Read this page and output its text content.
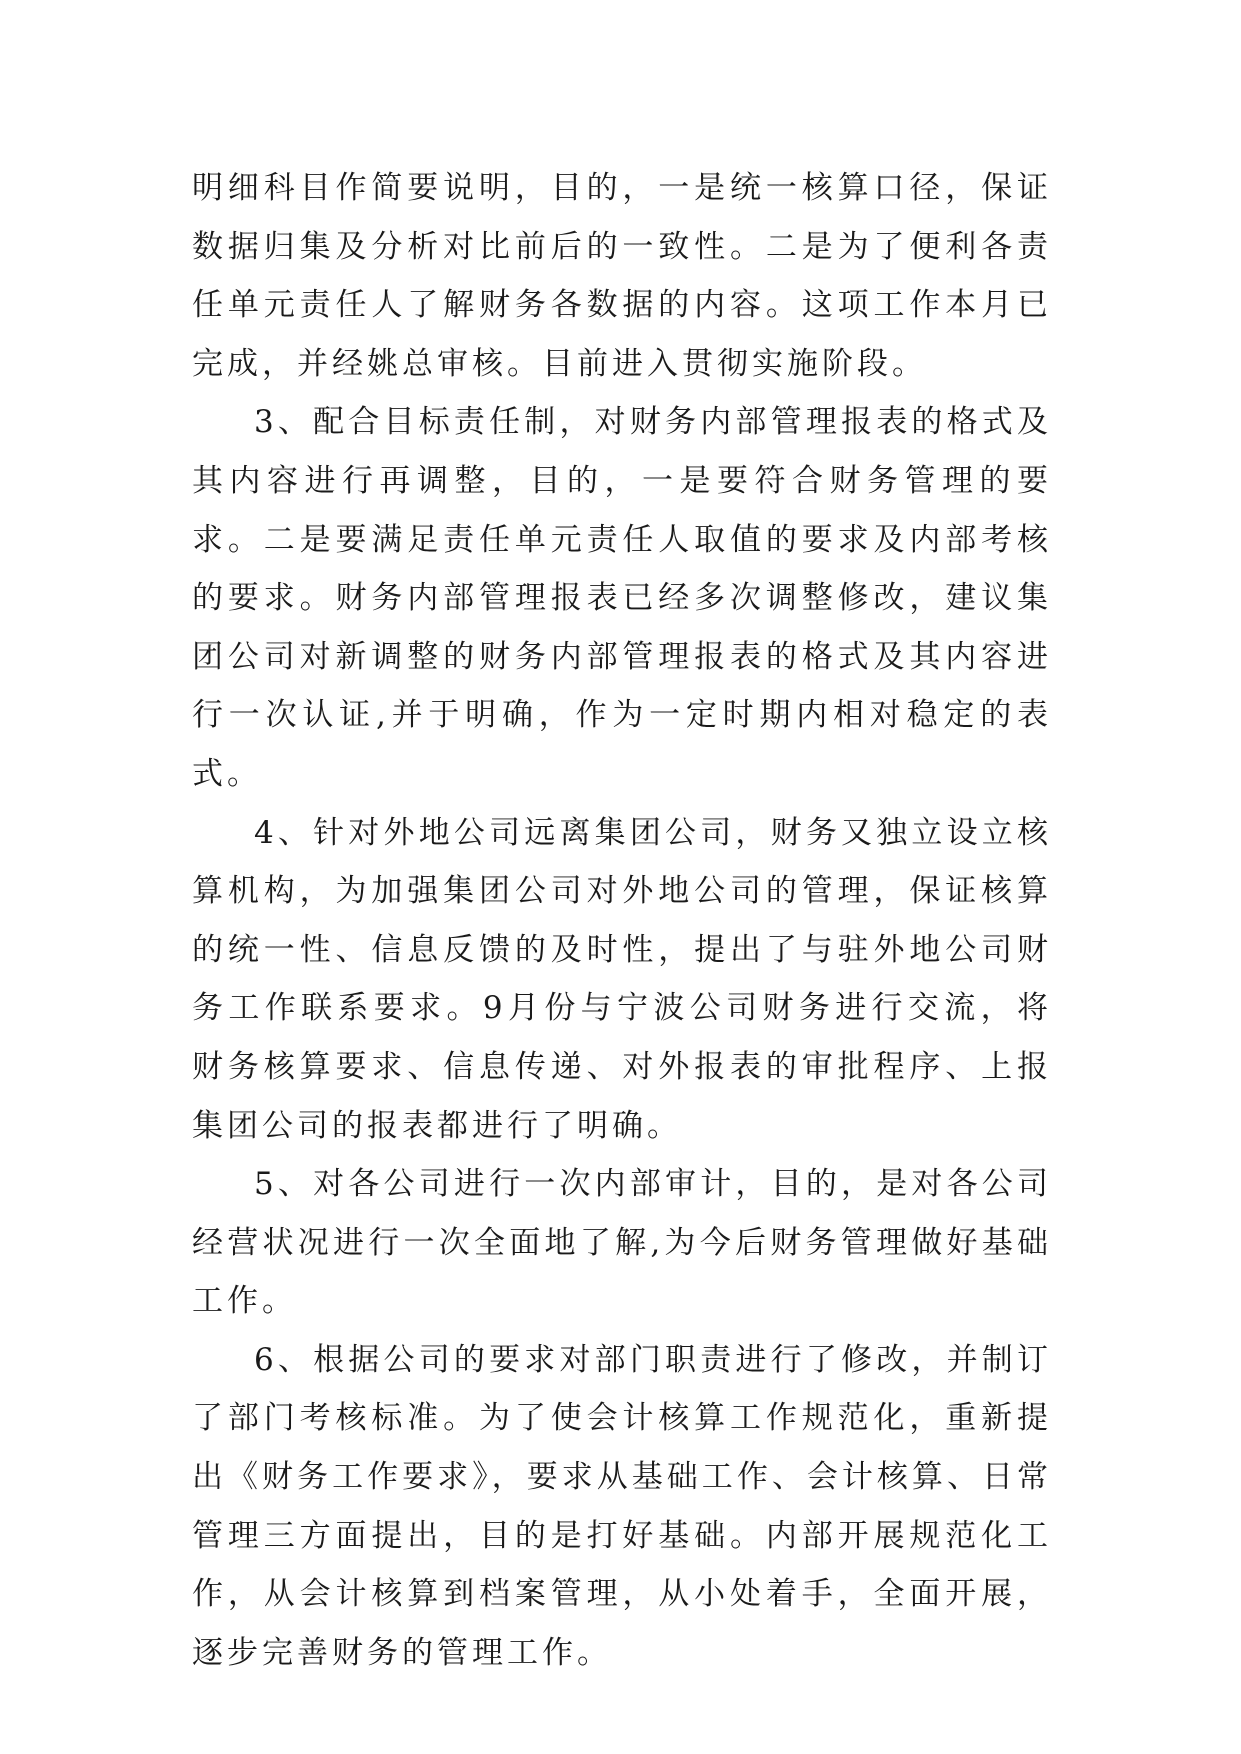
明细科目作简要说明，目的，一是统一核算口径，保证数据归集及分析对比前后的一致性。二是为了便利各责任单元责任人了解财务各数据的内容。这项工作本月已完成，并经姚总审核。目前进入贯彻实施阶段。

3、配合目标责任制，对财务内部管理报表的格式及其内容进行再调整，目的，一是要符合财务管理的要求。二是要满足责任单元责任人取值的要求及内部考核的要求。财务内部管理报表已经多次调整修改，建议集团公司对新调整的财务内部管理报表的格式及其内容进行一次认证,并于明确，作为一定时期内相对稳定的表式。

4、针对外地公司远离集团公司，财务又独立设立核算机构，为加强集团公司对外地公司的管理，保证核算的统一性、信息反馈的及时性，提出了与驻外地公司财务工作联系要求。9月份与宁波公司财务进行交流，将财务核算要求、信息传递、对外报表的审批程序、上报集团公司的报表都进行了明确。

5、对各公司进行一次内部审计，目的，是对各公司经营状况进行一次全面地了解,为今后财务管理做好基础工作。

6、根据公司的要求对部门职责进行了修改，并制订了部门考核标准。为了使会计核算工作规范化，重新提出《财务工作要求》，要求从基础工作、会计核算、日常管理三方面提出，目的是打好基础。内部开展规范化工作，从会计核算到档案管理，从小处着手，全面开展，逐步完善财务的管理工作。
